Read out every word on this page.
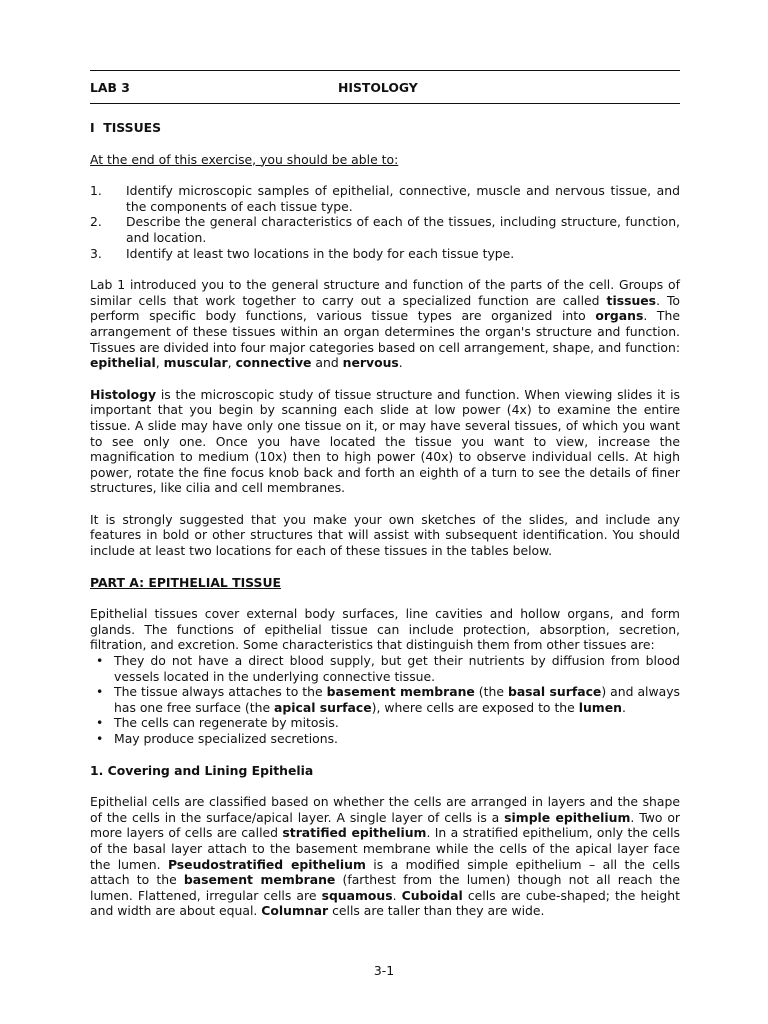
LAB 3	HISTOLOGY
I  TISSUES
At the end of this exercise, you should be able to:
1. Identify microscopic samples of epithelial, connective, muscle and nervous tissue, and the components of each tissue type.
2. Describe the general characteristics of each of the tissues, including structure, function, and location.
3. Identify at least two locations in the body for each tissue type.

Lab 1 introduced you to the general structure and function of the parts of the cell. Groups of similar cells that work together to carry out a specialized function are called tissues. To perform specific body functions, various tissue types are organized into organs. The arrangement of these tissues within an organ determines the organ's structure and function. Tissues are divided into four major categories based on cell arrangement, shape, and function: epithelial, muscular, connective and nervous.

Histology is the microscopic study of tissue structure and function. When viewing slides it is important that you begin by scanning each slide at low power (4x) to examine the entire tissue. A slide may have only one tissue on it, or may have several tissues, of which you want to see only one. Once you have located the tissue you want to view, increase the magnification to medium (10x) then to high power (40x) to observe individual cells. At high power, rotate the fine focus knob back and forth an eighth of a turn to see the details of finer structures, like cilia and cell membranes.

It is strongly suggested that you make your own sketches of the slides, and include any features in bold or other structures that will assist with subsequent identification. You should include at least two locations for each of these tissues in the tables below.

PART A: EPITHELIAL TISSUE

Epithelial tissues cover external body surfaces, line cavities and hollow organs, and form glands. The functions of epithelial tissue can include protection, absorption, secretion, filtration, and excretion. Some characteristics that distinguish them from other tissues are:

• They do not have a direct blood supply, but get their nutrients by diffusion from blood vessels located in the underlying connective tissue.
• The tissue always attaches to the basement membrane (the basal surface) and always has one free surface (the apical surface), where cells are exposed to the lumen.
• The cells can regenerate by mitosis.
• May produce specialized secretions.
1. Covering and Lining Epithelia

Epithelial cells are classified based on whether the cells are arranged in layers and the shape of the cells in the surface/apical layer. A single layer of cells is a simple epithelium. Two or more layers of cells are called stratified epithelium. In a stratified epithelium, only the cells of the basal layer attach to the basement membrane while the cells of the apical layer face the lumen. Pseudostratified epithelium is a modified simple epithelium – all the cells attach to the basement membrane (farthest from the lumen) though not all reach the lumen. Flattened, irregular cells are squamous. Cuboidal cells are cube-shaped; the height and width are about equal. Columnar cells are taller than they are wide.

3-1
